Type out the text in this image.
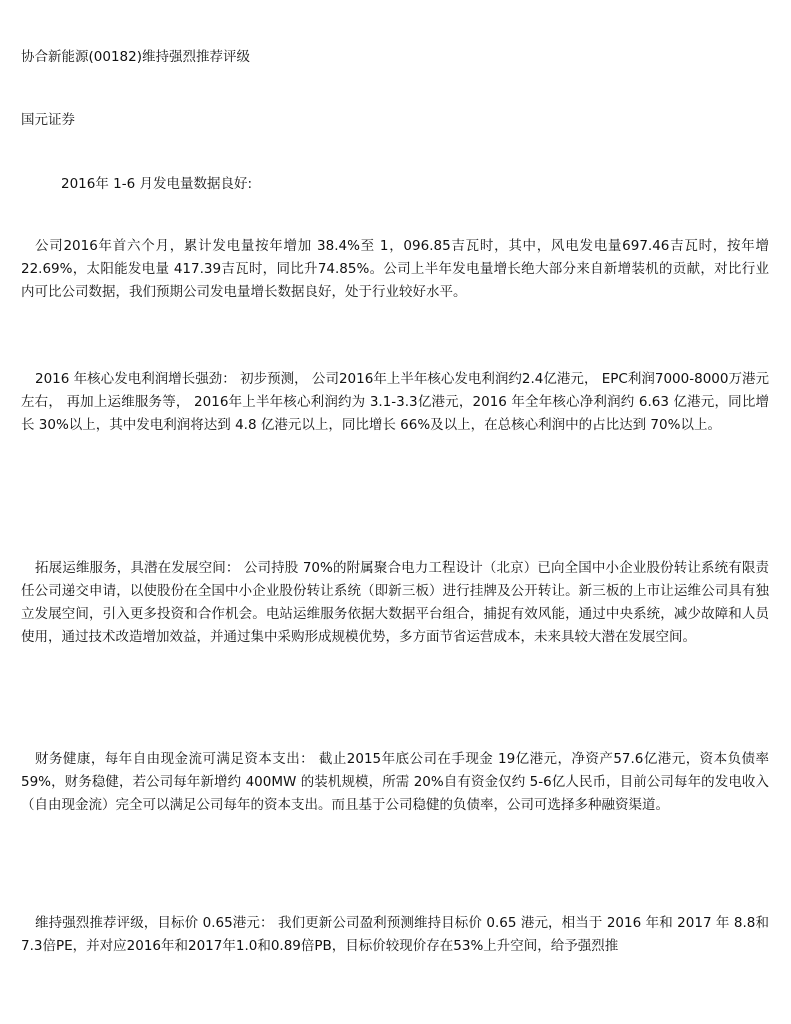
协合新能源(00182)维持强烈推荐评级
国元证券
2016年 1-6 月发电量数据良好:
公司2016年首六个月，累计发电量按年增加 38.4%至 1，096.85吉瓦时，其中，风电发电量697.46吉瓦时，按年增 22.69%，太阳能发电量 417.39吉瓦时，同比升74.85%。公司上半年发电量增长绝大部分来自新增装机的贡献，对比行业内可比公司数据，我们预期公司发电量增长数据良好，处于行业较好水平。
2016 年核心发电利润增长强劲： 初步预测， 公司2016年上半年核心发电利润约2.4亿港元， EPC利润7000-8000万港元左右， 再加上运维服务等， 2016年上半年核心利润约为 3.1-3.3亿港元，2016 年全年核心净利润约 6.63 亿港元，同比增长 30%以上，其中发电利润将达到 4.8 亿港元以上，同比增长 66%及以上，在总核心利润中的占比达到 70%以上。
拓展运维服务，具潜在发展空间： 公司持股 70%的附属聚合电力工程设计（北京）已向全国中小企业股份转让系统有限责任公司递交申请，以使股份在全国中小企业股份转让系统（即新三板）进行挂牌及公开转让。新三板的上市让运维公司具有独立发展空间，引入更多投资和合作机会。电站运维服务依据大数据平台组合，捕捉有效风能，通过中央系统，减少故障和人员使用，通过技术改造增加效益，并通过集中采购形成规模优势，多方面节省运营成本，未来具较大潜在发展空间。
财务健康，每年自由现金流可满足资本支出： 截止2015年底公司在手现金 19亿港元，净资产57.6亿港元，资本负债率59%，财务稳健，若公司每年新增约 400MW 的装机规模，所需 20%自有资金仅约 5-6亿人民币，目前公司每年的发电收入（自由现金流）完全可以满足公司每年的资本支出。而且基于公司稳健的负债率，公司可选择多种融资渠道。
维持强烈推荐评级，目标价 0.65港元： 我们更新公司盈利预测维持目标价 0.65 港元，相当于 2016 年和 2017 年 8.8和7.3倍PE，并对应2016年和2017年1.0和0.89倍PB，目标价较现价存在53%上升空间，给予强烈推
